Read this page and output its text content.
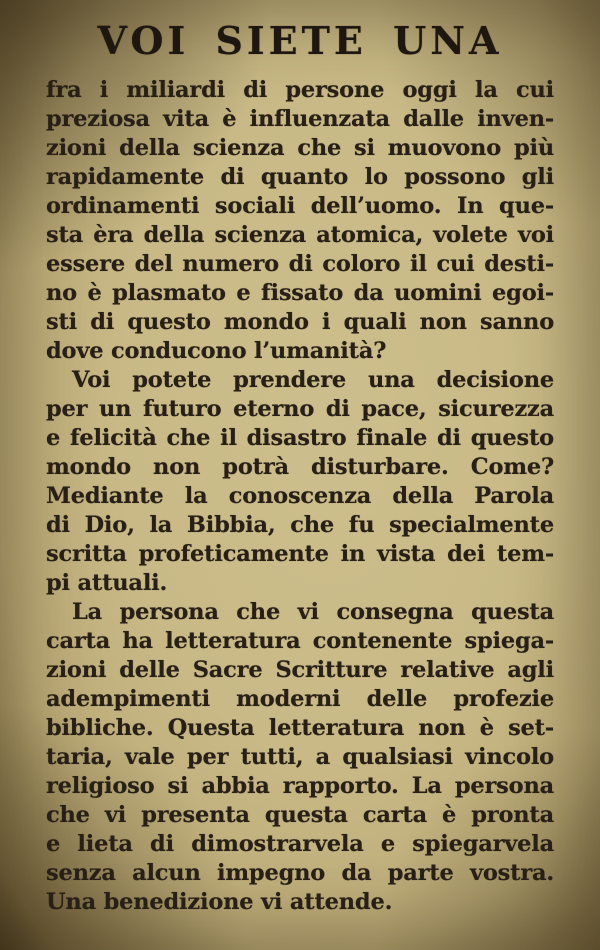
VOI SIETE UNA
fra i miliardi di persone oggi la cui
preziosa vita è influenzata dalle inven-
zioni della scienza che si muovono più
rapidamente di quanto lo possono gli
ordinamenti sociali dell’uomo. In que-
sta èra della scienza atomica, volete voi
essere del numero di coloro il cui desti-
no è plasmato e fissato da uomini egoi-
sti di questo mondo i quali non sanno
dove conducono l’umanità?
Voi potete prendere una decisione
per un futuro eterno di pace, sicurezza
e felicità che il disastro finale di questo
mondo non potrà disturbare. Come?
Mediante la conoscenza della Parola
di Dio, la Bibbia, che fu specialmente
scritta profeticamente in vista dei tem-
pi attuali.
La persona che vi consegna questa
carta ha letteratura contenente spiega-
zioni delle Sacre Scritture relative agli
adempimenti moderni delle profezie
bibliche. Questa letteratura non è set-
taria, vale per tutti, a qualsiasi vincolo
religioso si abbia rapporto. La persona
che vi presenta questa carta è pronta
e lieta di dimostrarvela e spiegarvela
senza alcun impegno da parte vostra.
Una benedizione vi attende.
